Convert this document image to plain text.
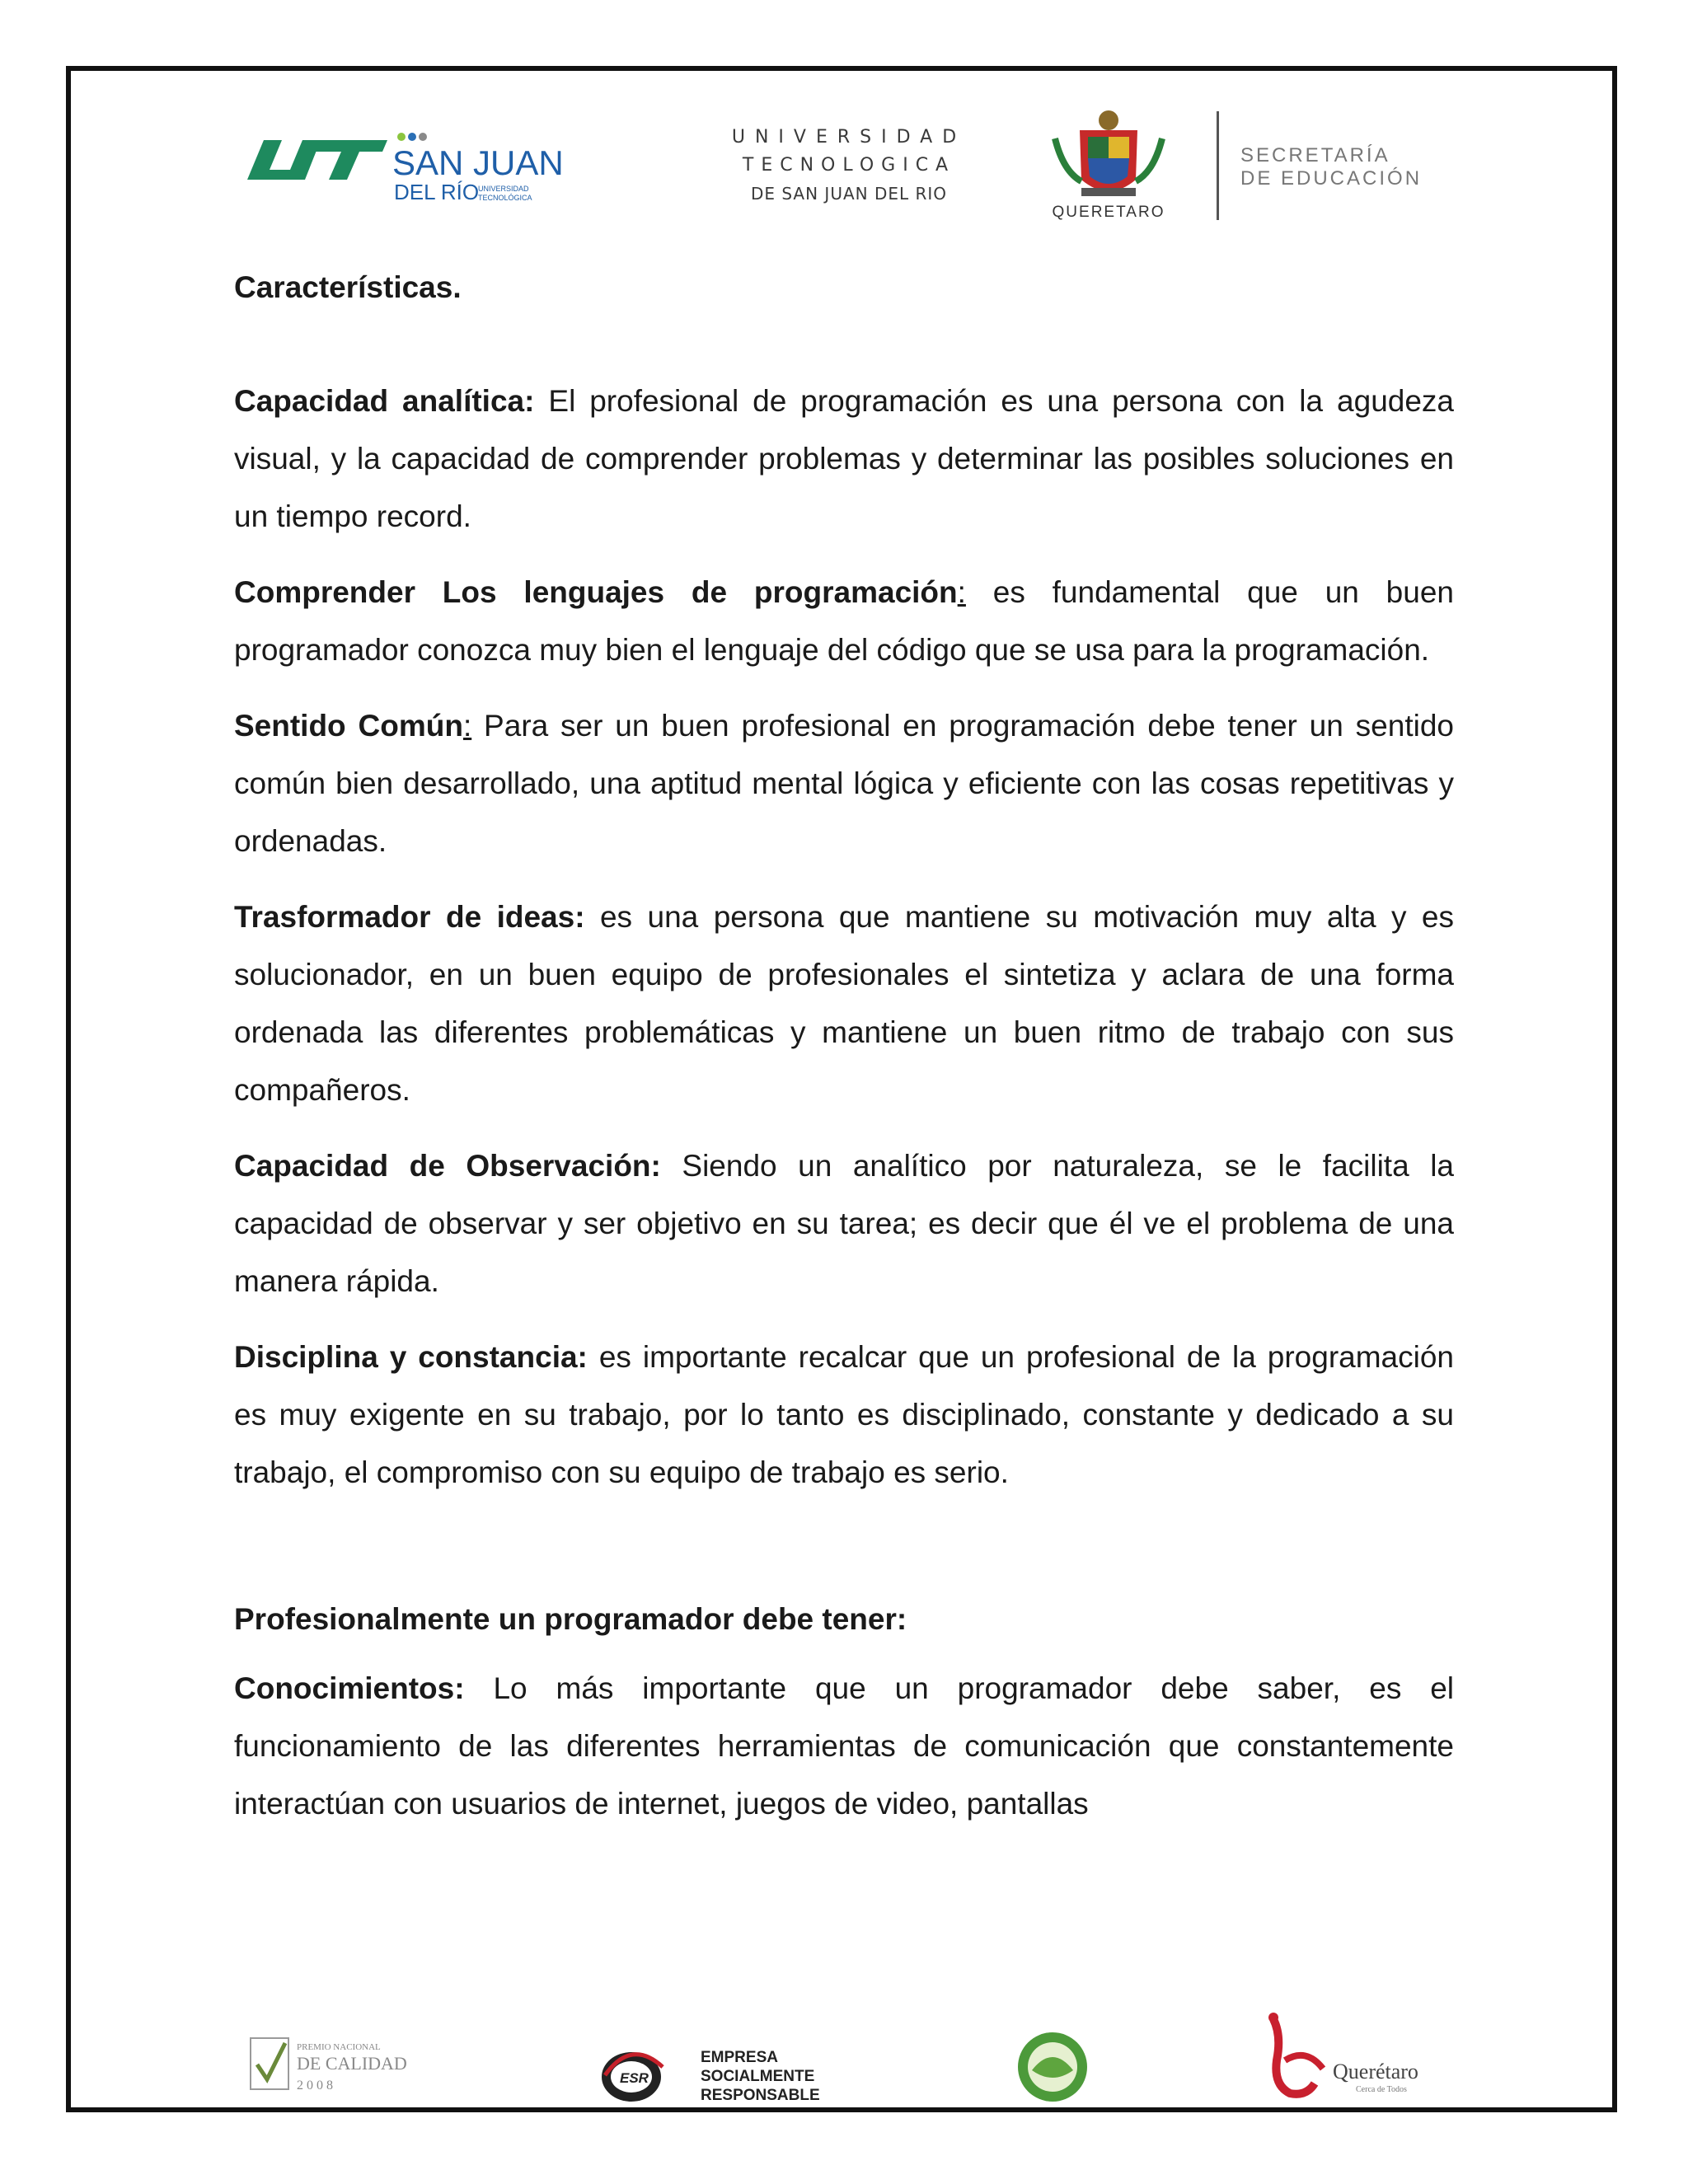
SAN JUAN
DEL RÍO
UNIVERSIDAD
TECNOLÓGICA
UNIVERSIDAD
TECNOLOGICA
DE SAN JUAN DEL RIO
QUERETARO
SECRETARÍA
DE EDUCACIÓN

Características.

Capacidad analítica: El profesional de programación es una persona con la agudeza visual, y la capacidad de comprender problemas y determinar las posibles soluciones en un tiempo record.

Comprender Los lenguajes de programación: es fundamental que un buen programador conozca muy bien el lenguaje del código que se usa para la programación.

Sentido Común: Para ser un buen profesional en programación debe tener un sentido común bien desarrollado, una aptitud mental lógica y eficiente con las cosas repetitivas y ordenadas.

Trasformador de ideas: es una persona que mantiene su motivación muy alta y es solucionador, en un buen equipo de profesionales el sintetiza y aclara de una forma ordenada las diferentes problemáticas y mantiene un buen ritmo de trabajo con sus compañeros.

Capacidad de Observación: Siendo un analítico por naturaleza, se le facilita la capacidad de observar y ser objetivo en su tarea; es decir que él ve el problema de una manera rápida.

Disciplina y constancia: es importante recalcar que un profesional de la programación es muy exigente en su trabajo, por lo tanto es disciplinado, constante y dedicado a su trabajo, el compromiso con su equipo de trabajo es serio.

Profesionalmente un programador debe tener:

Conocimientos: Lo más importante que un programador debe saber, es el funcionamiento de las diferentes herramientas de comunicación que constantemente interactúan con usuarios de internet, juegos de video, pantallas

PREMIO NACIONAL
DE CALIDAD
2 0 0 8	ESR
EMPRESA
SOCIALMENTE
RESPONSABLE
Querétaro
Cerca de Todos
